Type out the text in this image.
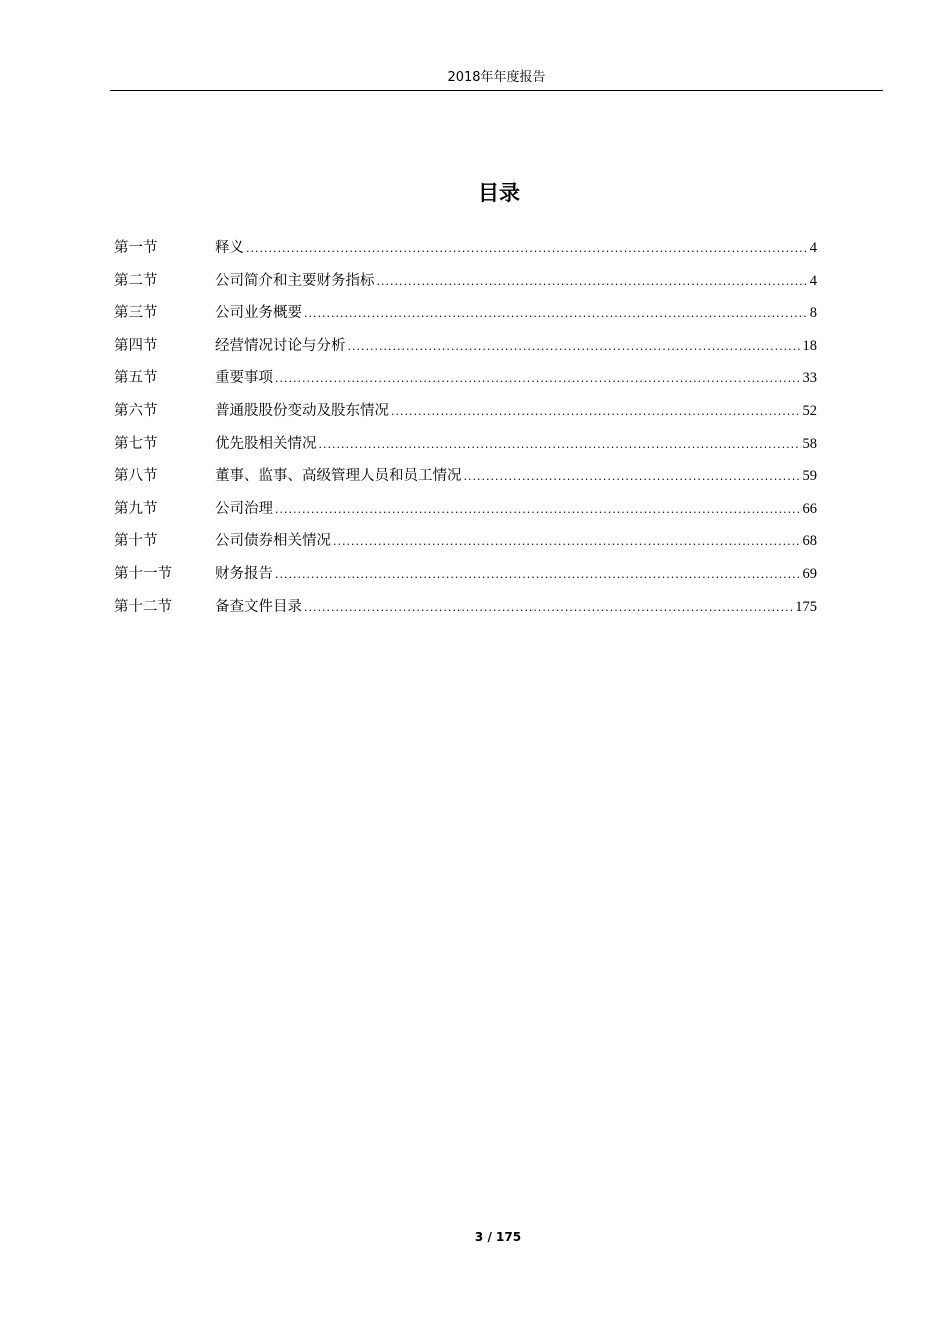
2018年年度报告
目录
第一节	释义 .....	4
第二节	公司简介和主要财务指标 .....	4
第三节	公司业务概要 .....	8
第四节	经营情况讨论与分析 .....	18
第五节	重要事项 .....	33
第六节	普通股股份变动及股东情况 .....	52
第七节	优先股相关情况 .....	58
第八节	董事、监事、高级管理人员和员工情况 .....	59
第九节	公司治理 .....	66
第十节	公司债券相关情况 .....	68
第十一节	财务报告 .....	69
第十二节	备查文件目录 .....	175
3 / 175
